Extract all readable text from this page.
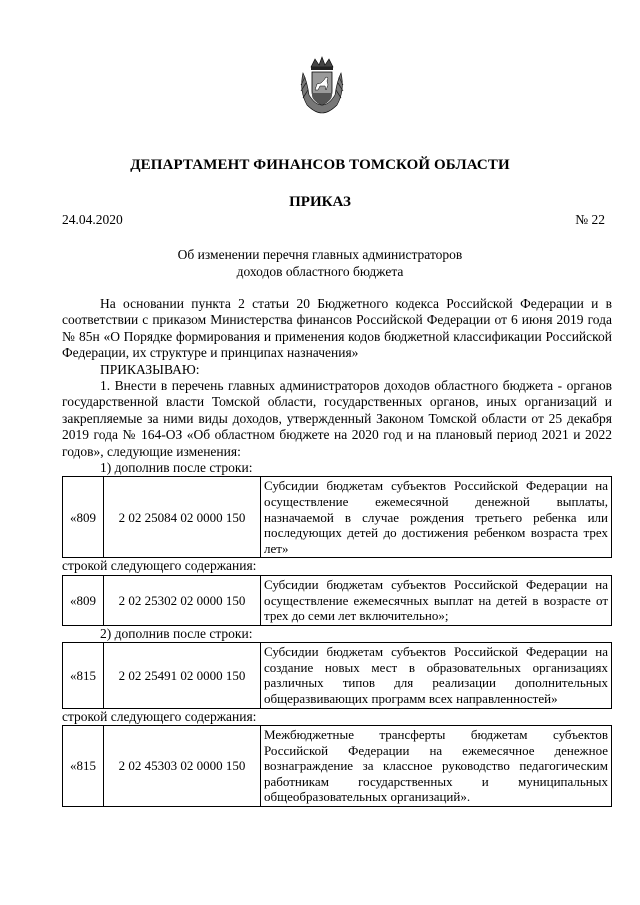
ДЕПАРТАМЕНТ ФИНАНСОВ ТОМСКОЙ ОБЛАСТИ
ПРИКАЗ
24.04.2020	№ 22
Об изменении перечня главных администраторов
доходов областного бюджета

На основании пункта 2 статьи 20 Бюджетного кодекса Российской Федерации и в соответствии с приказом Министерства финансов Российской Федерации от 6 июня 2019 года № 85н «О Порядке формирования и применения кодов бюджетной классификации Российской Федерации, их структуре и принципах назначения»

ПРИКАЗЫВАЮ:

1. Внести в перечень главных администраторов доходов областного бюджета - органов государственной власти Томской области, государственных органов, иных организаций и закрепляемые за ними виды доходов, утвержденный Законом Томской области от 25 декабря 2019 года № 164-ОЗ «Об областном бюджете на 2020 год и на плановый период 2021 и 2022 годов», следующие изменения:

1) дополнив после строки:

«809	2 02 25084 02 0000 150	Субсидии бюджетам субъектов Российской Федерации на осуществление ежемесячной денежной выплаты, назначаемой в случае рождения третьего ребенка или последующих детей до достижения ребенком возраста трех лет»

строкой следующего содержания:

«809	2 02 25302 02 0000 150	Субсидии бюджетам субъектов Российской Федерации на осуществление ежемесячных выплат на детей в возрасте от трех до семи лет включительно»;

2) дополнив после строки:

«815	2 02 25491 02 0000 150	Субсидии бюджетам субъектов Российской Федерации на создание новых мест в образовательных организациях различных типов для реализации дополнительных общеразвивающих программ всех направленностей»

строкой следующего содержания:

«815	2 02 45303 02 0000 150	Межбюджетные трансферты бюджетам субъектов Российской Федерации на ежемесячное денежное вознаграждение за классное руководство педагогическим работникам государственных и муниципальных общеобразовательных организаций».
